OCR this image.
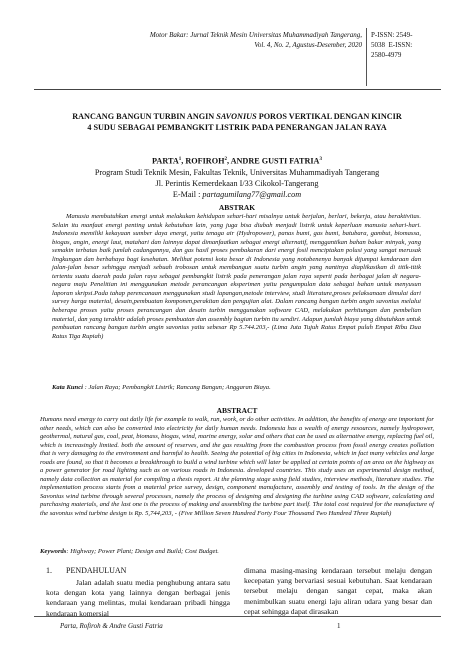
Motor Bakar: Jurnal Teknik Mesin Universitas Muhammadiyah Tangerang,
Vol. 4, No. 2, Agustus-Desember, 2020
P-ISSN: 2549-
5038 E-ISSN:
2580-4979
RANCANG BANGUN TURBIN ANGIN SAVONIUS POROS VERTIKAL DENGAN KINCIR
4 SUDU SEBAGAI PEMBANGKIT LISTRIK PADA PENERANGAN JALAN RAYA
PARTA$^1$, ROFIROH$^2$, ANDRE GUSTI FATRIA$^3$
Program Studi Teknik Mesin, Fakultas Teknik, Universitas Muhammadiyah Tangerang
Jl. Perintis Kemerdekaan I/33 Cikokol-Tangerang
E-Mail : partagumilang77@gmail.com
ABSTRAK

Manusia membutuhkan energi untuk melakukan kehidupan sehari-hari misalnya untuk berjalan, berlari, bekerja, atau beraktivitas. Selain itu manfaat energi penting untuk kebutuhan lain, yang juga bisa diubah menjadi listrik untuk keperluan manusia sehari-hari. Indonesia memiliki kekayaan sumber daya energi, yaitu tenaga air (Hydropower), panas bumi, gas bumi, batubara, gambut, biomassa, biogas, angin, energi laut, matahari dan lainnya dapat dimanfaatkan sebagai energi alternatif, menggantikan bahan bakar minyak, yang semakin terbatas baik jumlah cadangannya, dan gas hasil proses pembakaran dari energi fosil menciptakan polusi yang sangat merusak lingkungan dan berbahaya bagi kesehatan. Melihat potensi kota besar di Indonesia yang notabenenya banyak dijumpai kendaraan dan jalan-jalan besar sehingga menjadi sebuah trobosan untuk membangun suatu turbin angin yang nantinya diaplikasikan di titik-titik tertentu suatu daerah pada jalan raya sebagai pembangkit listrik pada penerangan jalan raya seperti pada berbagai jalan di negara-negara maju Penelitian ini menggunakan metode perancangan eksperimen yaitu pengumpulan data sebagai bahan untuk menyusun laporan skripsi.Pada tahap perencanaan menggunakan studi lapangan,metode interview, studi literature,proses pelaksanaan dimulai dari survey harga material, desain,pembuatan komponen,perakitan dan pengujian alat. Dalam rancang bangun turbin angin savonius melalui beberapa proses yaitu proses perancangan dan desain turbin menggunakan software CAD, melakukan perhitungan dan pembelian material, dan yang terakhir adalah proses pembuatan dan assembly bagian turbin itu sendiri. Adapun jumlah biaya yang dibutuhkan untuk pembuatan rancang bangun turbin angin savonius yaitu sebesar Rp 5.744.203,- (Lima Juta Tujuh Ratus Empat puluh Empat Ribu Dua Ratus Tiga Rupiah)

Kata Kunci : Jalan Raya; Pembangkit Listrik; Rancang Bangun; Anggaran Biaya.
ABSTRACT

Humans need energy to carry out daily life for example to walk, run, work, or do other activities. In addition, the benefits of energy are important for other needs, which can also be converted into electricity for daily human needs. Indonesia has a wealth of energy resources, namely hydropower, geothermal, natural gas, coal, peat, biomass, biogas, wind, marine energy, solar and others that can be used as alternative energy, replacing fuel oil, which is increasingly limited. both the amount of reserves, and the gas resulting from the combustion process from fossil energy creates pollution that is very damaging to the environment and harmful to health. Seeing the potential of big cities in Indonesia, which in fact many vehicles and large roads are found, so that it becomes a breakthrough to build a wind turbine which will later be applied at certain points of an area on the highway as a power generator for road lighting such as on various roads in Indonesia. developed countries. This study uses an experimental design method, namely data collection as material for compiling a thesis report. At the planning stage using field studies, interview methods, literature studies. The implementation process starts from a material price survey, design, component manufacture, assembly and testing of tools. In the design of the Savonius wind turbine through several processes, namely the process of designing and designing the turbine using CAD software, calculating and purchasing materials, and the last one is the process of making and assembling the turbine part itself. The total cost required for the manufacture of the savonius wind turbine design is Rp. 5,744,203, - (Five Million Seven Hundred Forty Four Thousand Two Hundred Three Rupiah)

Keywords: Highway; Power Plant; Design and Build; Cost Budget.
1. PENDAHULUAN
Jalan adalah suatu media penghubung antara satu kota dengan kota yang lainnya dengan berbagai jenis kendaraan yang melintas, mulai kendaraan pribadi hingga kendaraan komersial
dimana masing-masing kendaraan tersebut melaju dengan kecepatan yang bervariasi sesuai kebutuhan. Saat kendaraan tersebut melaju dengan sangat cepat, maka akan menimbulkan suatu energi laju aliran udara yang besar dan cepat sehingga dapat dirasakan
Parta, Rofiroh & Andre Gusti Fatria	1
